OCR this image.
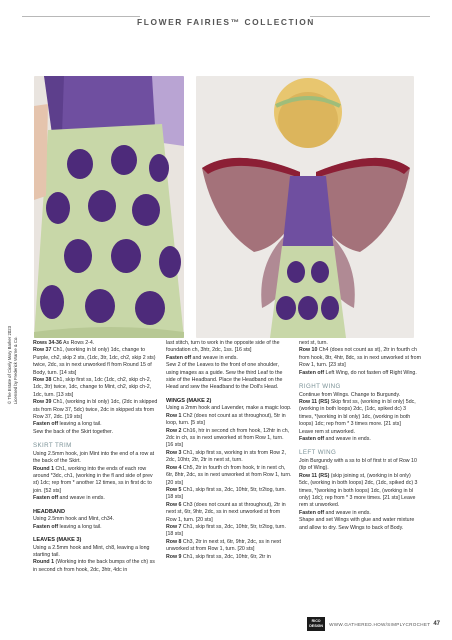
FLOWER FAIRIES™ COLLECTION
© The Estate of Cicely Mary Barker 2023 Licensed by Frederick Warne & Co.	Rows 34-36 As Rows 2-4.

Row 37 Ch1, (working in bl only) 1dc, change to Purple, ch2, skip 2 sts, (1dc, 3tr, 1dc, ch2, skip 2 sts) twice, 2dc, ss in next unworked fl from Round 15 of Body, turn. [14 sts]

Row 38 Ch1, skip first ss, 1dc (1dc, ch2, skip ch-2, 1dc, 3tr) twice, 1dc, change to Mint, ch2, skip ch-2, 1dc, turn. [13 sts]

Row 39 Ch1, (working in bl only) 1dc, (2dc in skipped sts from Row 37, 5dc) twice, 2dc in skipped sts from Row 37, 2dc. [19 sts]

Fasten off leaving a long tail.

Sew the back of the Skirt together.

SKIRT TRIM

Using 2.5mm hook, join Mint into the end of a row at the back of the Skirt.

Round 1 Ch1, working into the ends of each row around *3dc, ch1, (working in the fl and side of prev st) 1dc; rep from * another 12 times, ss in first dc to join. [52 sts]

Fasten off and weave in ends.

HEADBAND

Using 2.5mm hook and Mint, ch34.

Fasten off leaving a long tail.

LEAVES (MAKE 3)

Using a 2.5mm hook and Mint, ch8, leaving a long starting tail.

Round 1 (Working into the back bumps of the ch) ss in second ch from hook, 2dc, 3htr, 4dc in

last stitch, turn to work in the opposite side of the foundation ch, 3htr, 2dc, 1ss. [16 sts]

Fasten off and weave in ends.

Sew 2 of the Leaves to the front of one shoulder, using images as a guide. Sew the third Leaf to the side of the Headband. Place the Headband on the Head and sew the Headband to the Doll's Head.

WINGS (MAKE 2)

Using a 2mm hook and Lavender, make a magic loop.

Row 1 Ch2 (does not count as st throughout), 5tr in loop, turn. [5 sts]

Row 2 Ch16, htr in second ch from hook, 12htr in ch, 2dc in ch, ss in next unworked st from Row 1, turn. [16 sts]

Row 3 Ch1, skip first ss, working in sts from Row 2, 2dc, 10htr, 2tr, 2tr in next st, turn.

Row 4 Ch5, 2tr in fourth ch from hook, tr in next ch, 6tr, 8htr, 2dc, ss in next unworked st from Row 1, turn. [20 sts]

Row 5 Ch1, skip first ss, 2dc, 10htr, 5tr, tr2tog, turn. [18 sts]

Row 6 Ch3 (does not count as st throughout), 2tr in next st, 6tr, 9htr, 2dc, ss in next unworked st from Row 1, turn. [20 sts]

Row 7 Ch1, skip first ss, 2dc, 10htr, 5tr, tr2tog, turn. [18 sts]

Row 8 Ch3, 2tr in next st, 6tr, 9htr, 2dc, ss in next unworked st from Row 1, turn. [20 sts]

Row 9 Ch1, skip first ss, 2dc, 10htr, 6tr, 2tr in

next st, turn.

Row 10 Ch4 (does not count as st), 2tr in fourth ch from hook, 8tr, 4htr, 8dc, ss in next unworked st from Row 1, turn. [23 sts]

Fasten off Left Wing, do not fasten off Right Wing.

RIGHT WING

Continue from Wings. Change to Burgundy.

Row 11 (RS) Skip first ss, (working in bl only) 5dc, (working in both loops) 2dc, (1dc, spiked dc) 3 times, *(working in bl only) 1dc, (working in both loops) 1dc; rep from * 3 times more. [21 sts]

Leave rem st unworked.

Fasten off and weave in ends.

LEFT WING

Join Burgundy with a ss to bl of first tr st of Row 10 (tip of Wing).

Row 11 (RS) (skip joining st, (working in bl only) 5dc, (working in both loops) 2dc, (1dc, spiked dc) 3 times, *(working in both loops) 1dc, (working in bl only) 1dc); rep from * 3 more times. [21 sts] Leave rem st unworked.

Fasten off and weave in ends.

Shape and set Wings with glue and water mixture and allow to dry. Sew Wings to back of Body.

RICO
DESIGN WWW.GATHERED.HOW/SIMPLYCROCHET 47
